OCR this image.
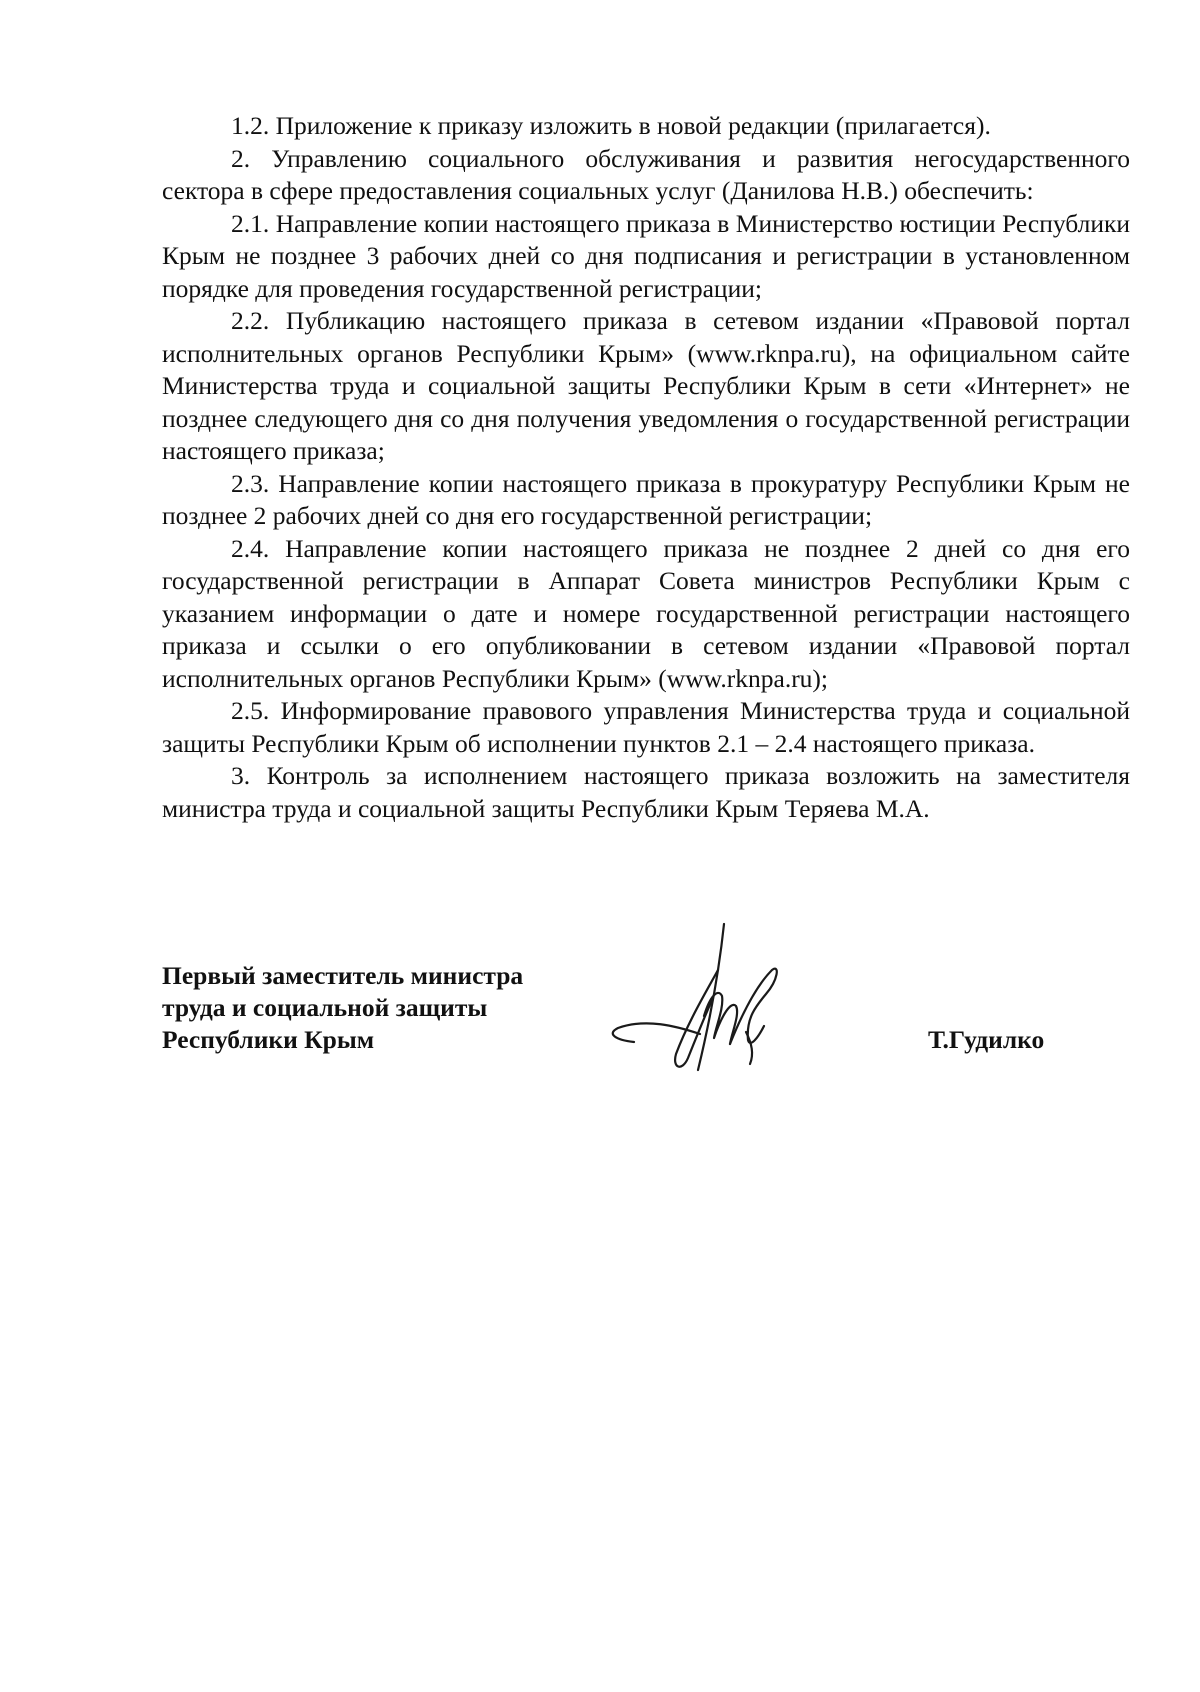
1.2. Приложение к приказу изложить в новой редакции (прилагается).

2. Управлению социального обслуживания и развития негосударственного сектора в сфере предоставления социальных услуг (Данилова Н.В.) обеспечить:

2.1. Направление копии настоящего приказа в Министерство юстиции Республики Крым не позднее 3 рабочих дней со дня подписания и регистрации в установленном порядке для проведения государственной регистрации;

2.2. Публикацию настоящего приказа в сетевом издании «Правовой портал исполнительных органов Республики Крым» (www.rknpa.ru), на официальном сайте Министерства труда и социальной защиты Республики Крым в сети «Интернет» не позднее следующего дня со дня получения уведомления о государственной регистрации настоящего приказа;

2.3. Направление копии настоящего приказа в прокуратуру Республики Крым не позднее 2 рабочих дней со дня его государственной регистрации;

2.4. Направление копии настоящего приказа не позднее 2 дней со дня его государственной регистрации в Аппарат Совета министров Республики Крым с указанием информации о дате и номере государственной регистрации настоящего приказа и ссылки о его опубликовании в сетевом издании «Правовой портал исполнительных органов Республики Крым» (www.rknpa.ru);

2.5. Информирование правового управления Министерства труда и социальной защиты Республики Крым об исполнении пунктов 2.1 – 2.4 настоящего приказа.

3. Контроль за исполнением настоящего приказа возложить на заместителя министра труда и социальной защиты Республики Крым Теряева М.А.

Первый заместитель министра
труда и социальной защиты
Республики Крым	Т.Гудилко
